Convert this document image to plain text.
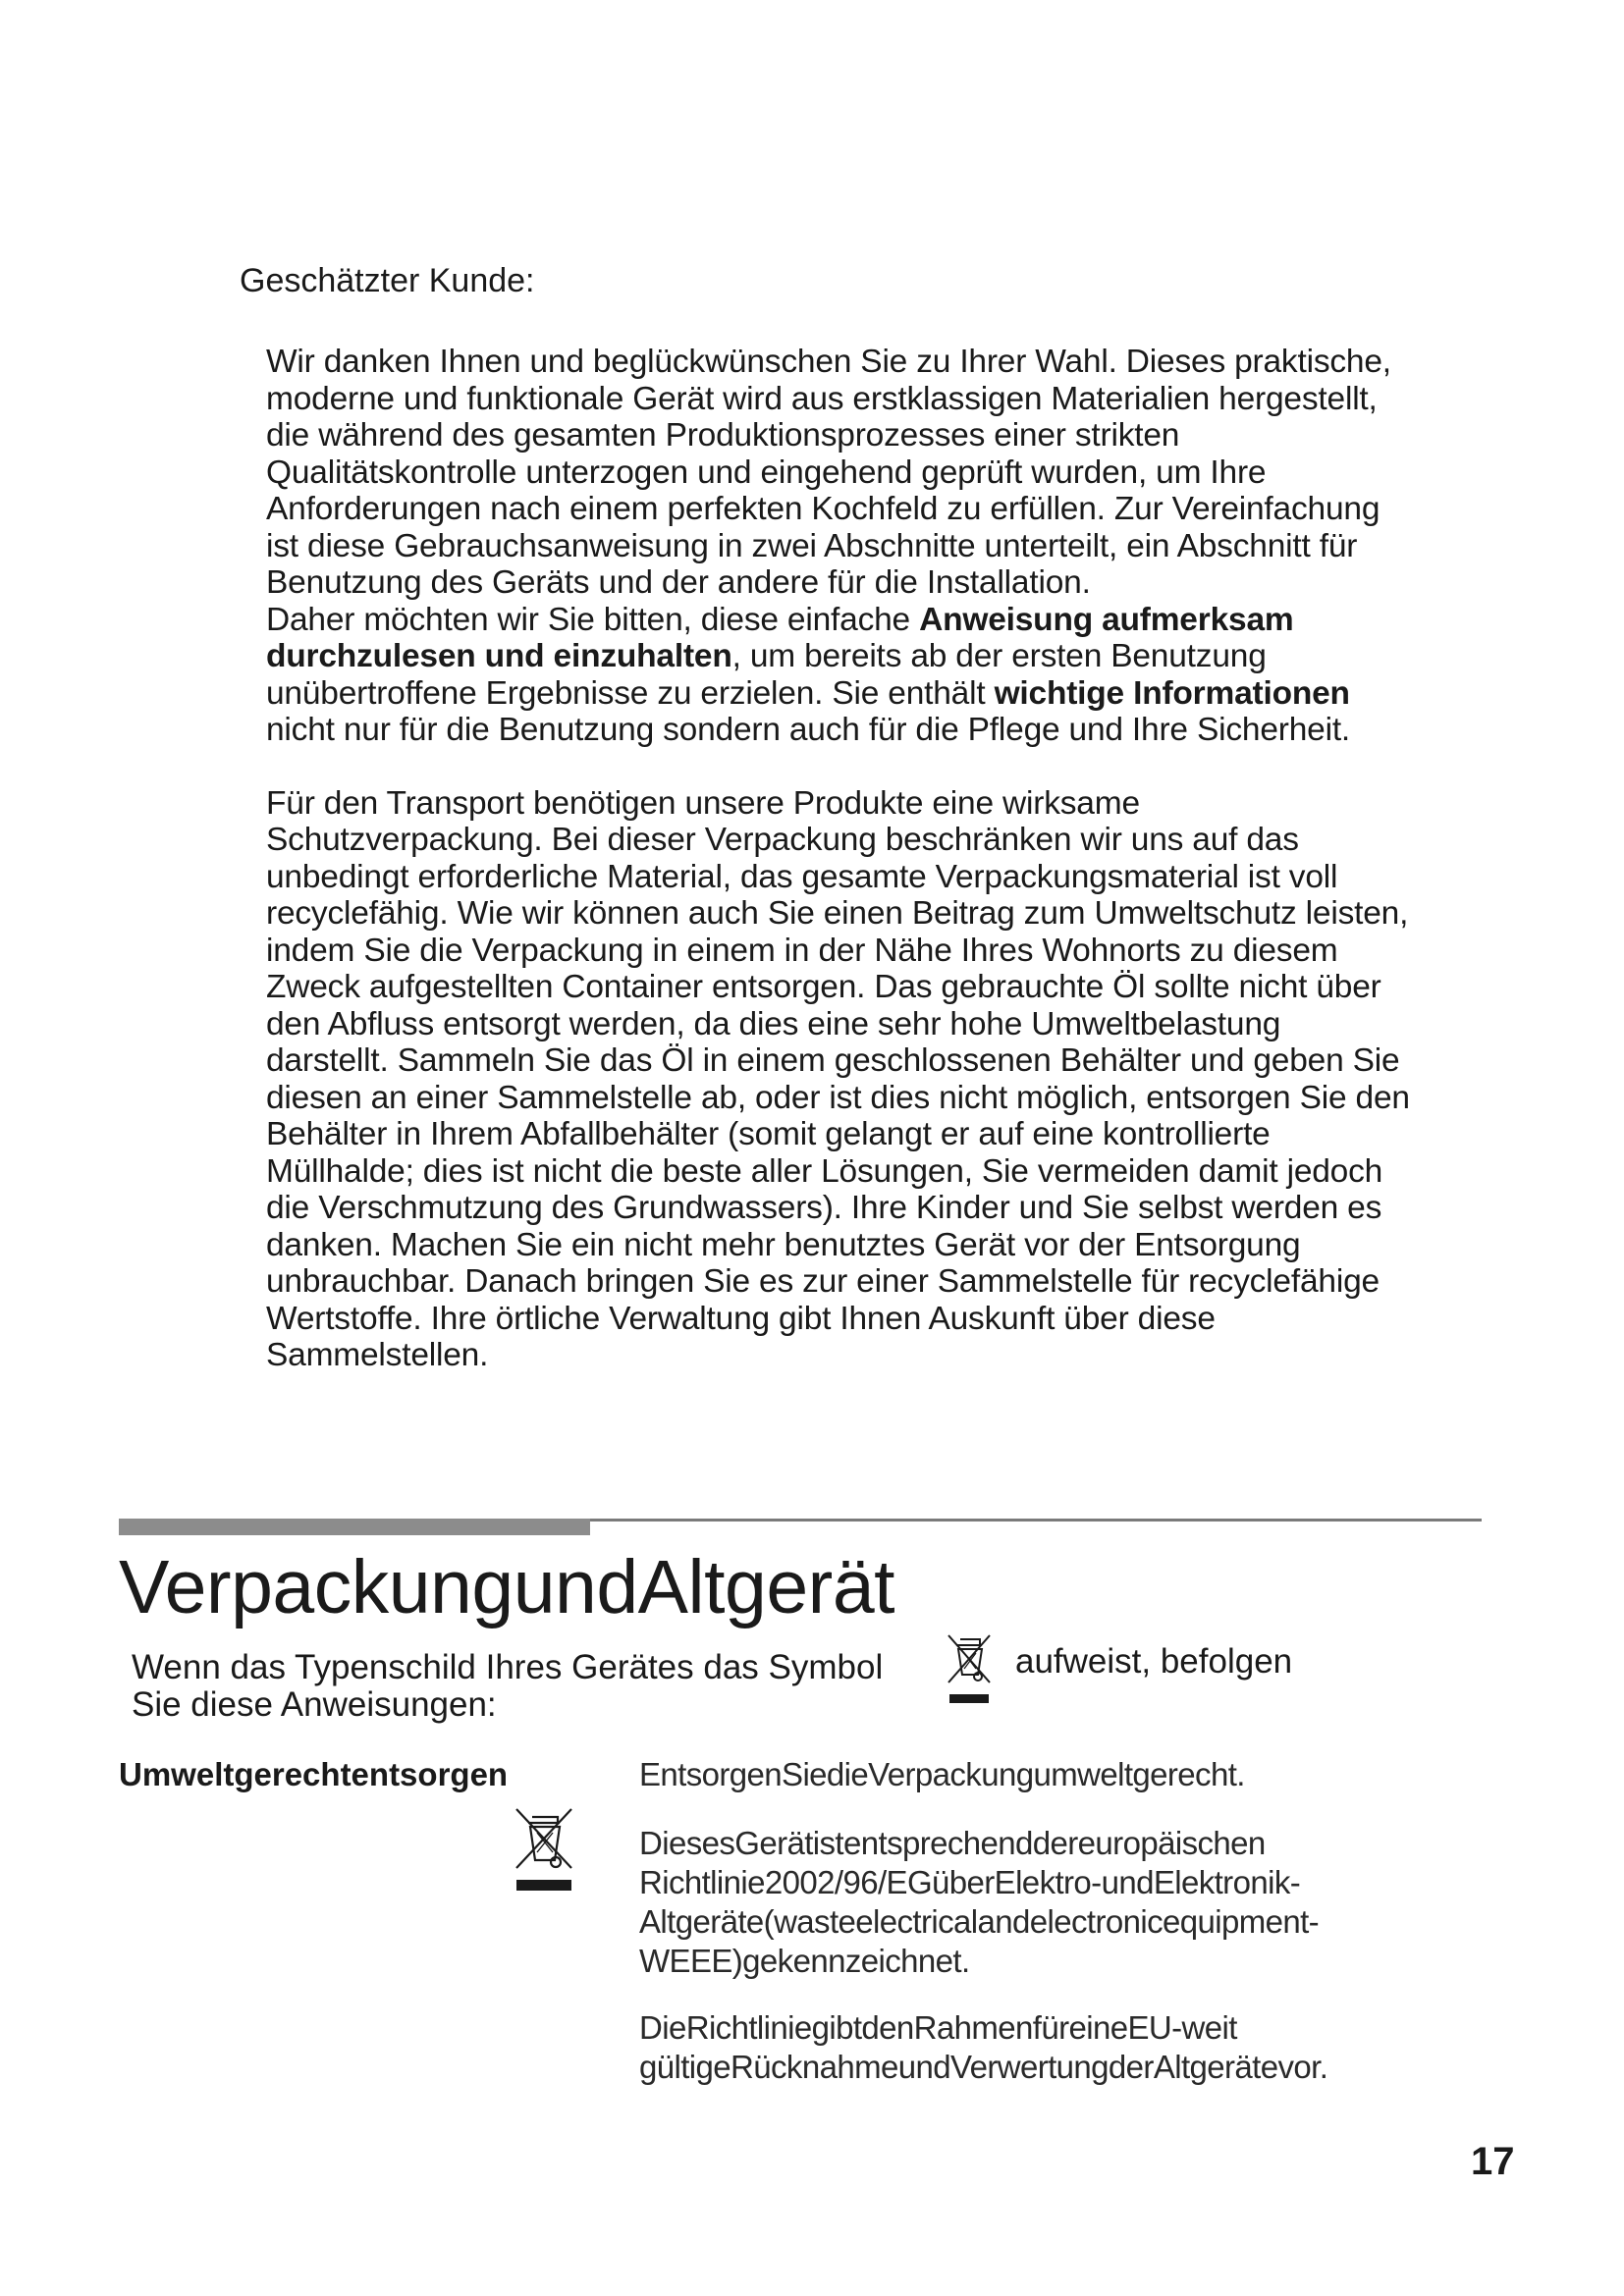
Geschätzter Kunde:

Wir danken Ihnen und beglückwünschen Sie zu Ihrer Wahl. Dieses praktische, moderne und funktionale Gerät wird aus erstklassigen Materialien hergestellt, die während des gesamten Produktionsprozesses einer strikten Qualitätskontrolle unterzogen und eingehend geprüft wurden, um Ihre Anforderungen nach einem perfekten Kochfeld zu erfüllen. Zur Vereinfachung ist diese Gebrauchsanweisung in zwei Abschnitte unterteilt, ein Abschnitt für Benutzung des Geräts und der andere für die Installation.

Daher möchten wir Sie bitten, diese einfache Anweisung aufmerksam durchzulesen und einzuhalten, um bereits ab der ersten Benutzung unübertroffene Ergebnisse zu erzielen. Sie enthält wichtige Informationen nicht nur für die Benutzung sondern auch für die Pflege und Ihre Sicherheit.

Für den Transport benötigen unsere Produkte eine wirksame Schutzverpackung. Bei dieser Verpackung beschränken wir uns auf das unbedingt erforderliche Material, das gesamte Verpackungsmaterial ist voll recyclefähig. Wie wir können auch Sie einen Beitrag zum Umweltschutz leisten, indem Sie die Verpackung in einem in der Nähe Ihres Wohnorts zu diesem Zweck aufgestellten Container entsorgen. Das gebrauchte Öl sollte nicht über den Abfluss entsorgt werden, da dies eine sehr hohe Umweltbelastung darstellt. Sammeln Sie das Öl in einem geschlossenen Behälter und geben Sie diesen an einer Sammelstelle ab, oder ist dies nicht möglich, entsorgen Sie den Behälter in Ihrem Abfallbehälter (somit gelangt er auf eine kontrollierte Müllhalde; dies ist nicht die beste aller Lösungen, Sie vermeiden damit jedoch die Verschmutzung des Grundwassers). Ihre Kinder und Sie selbst werden es danken. Machen Sie ein nicht mehr benutztes Gerät vor der Entsorgung unbrauchbar. Danach bringen Sie es zur einer Sammelstelle für recyclefähige Wertstoffe. Ihre örtliche Verwaltung gibt Ihnen Auskunft über diese Sammelstellen.

VerpackungundAltgerät
Wenn das Typenschild Ihres Gerätes das Symbol	aufweist, befolgen

Sie diese Anweisungen:
Umweltgerechtentsorgen	EntsorgenSiedieVerpackungumweltgerecht.

DiesesGerätistentsprechenddereuropäischen Richtlinie2002/96/EGüberElektro-undElektronik-Altgeräte(wasteelectricalandelectronicequipment-WEEE)gekennzeichnet.

DieRichtliniegibtdenRahmenfüreineEU-weit gültigeRücknahmeundVerwertungderAltgerätevor.

17
